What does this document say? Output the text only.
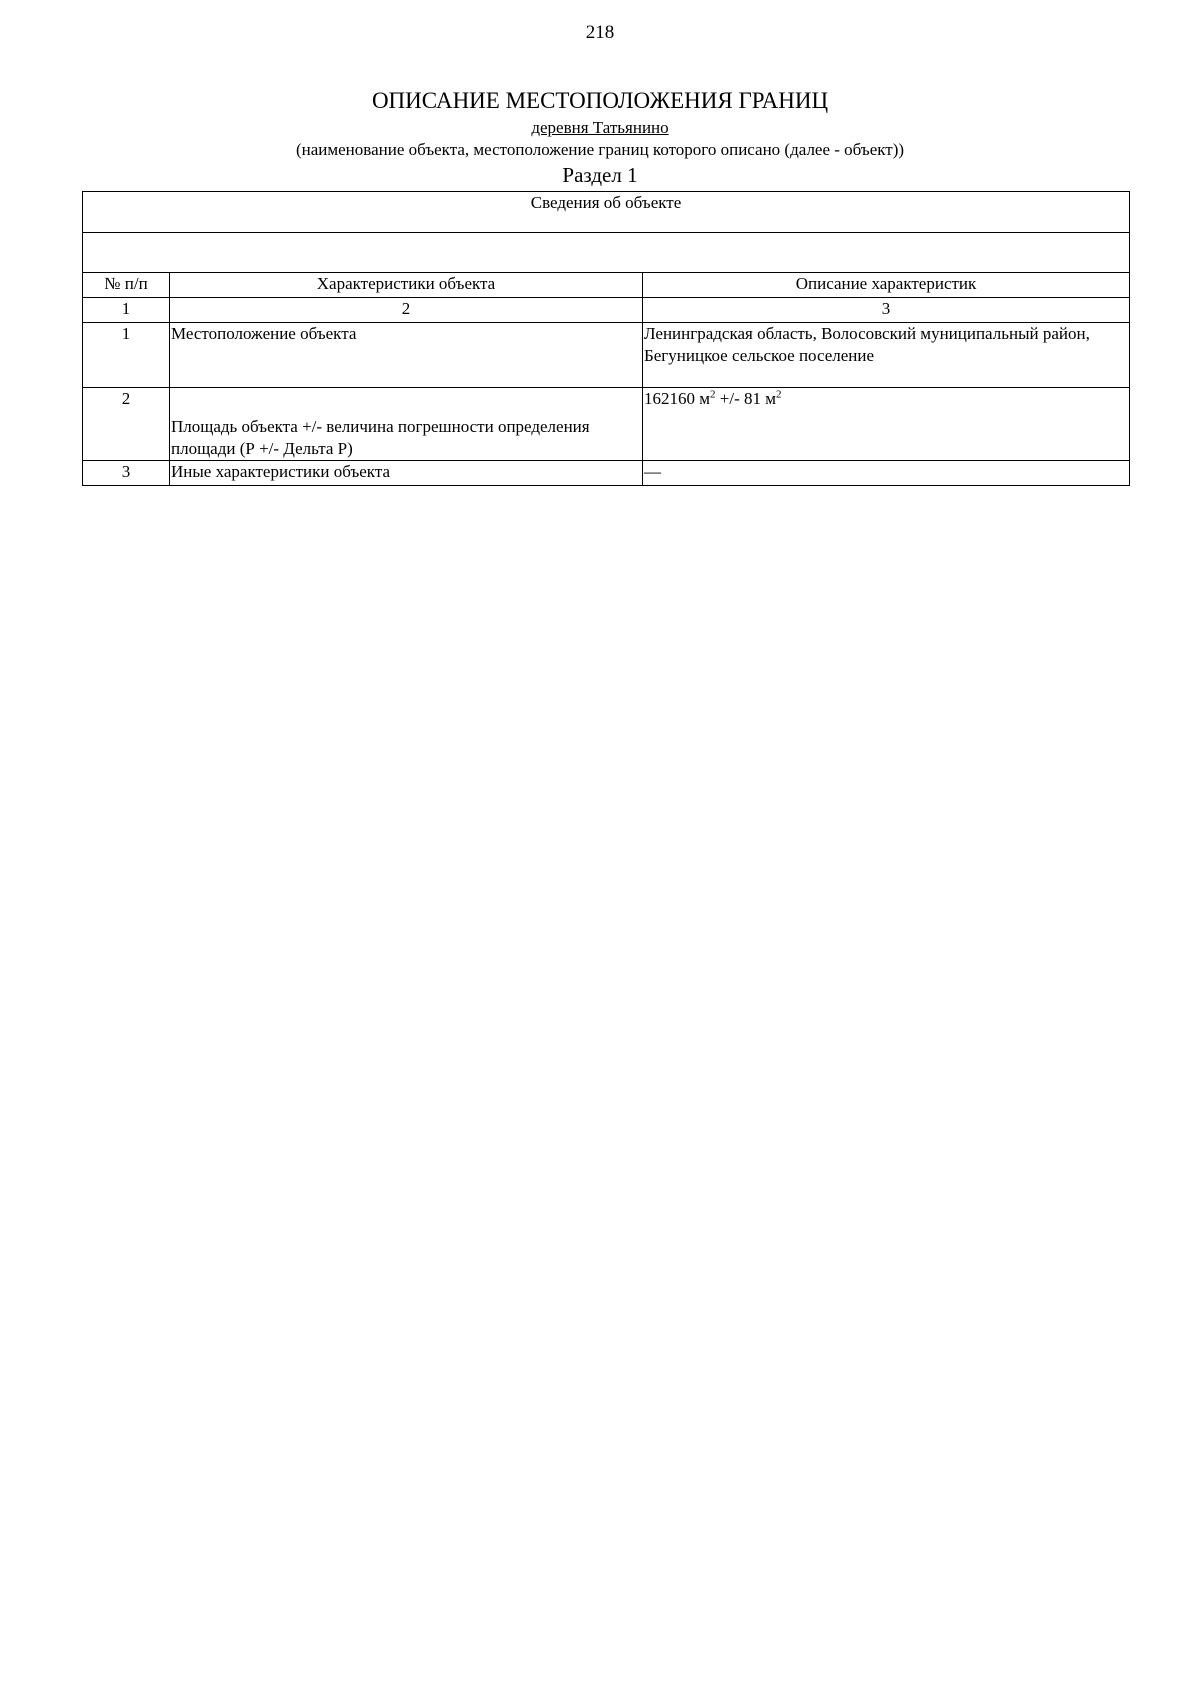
218
ОПИСАНИЕ МЕСТОПОЛОЖЕНИЯ ГРАНИЦ
деревня Татьянино
(наименование объекта, местоположение границ которого описано (далее - объект))
Раздел 1
Сведения об объекте		

№ п/п	Характеристики объекта	Описание характеристик
1	2	3
1	Местоположение объекта	Ленинградская область, Волосовский муниципальный район, Бегуницкое сельское поселение
2	Площадь объекта +/- величина погрешности определения площади (Р +/- Дельта Р)	162160 $м^2$ +/- 81 $м^2$
3	Иные характеристики объекта	—
